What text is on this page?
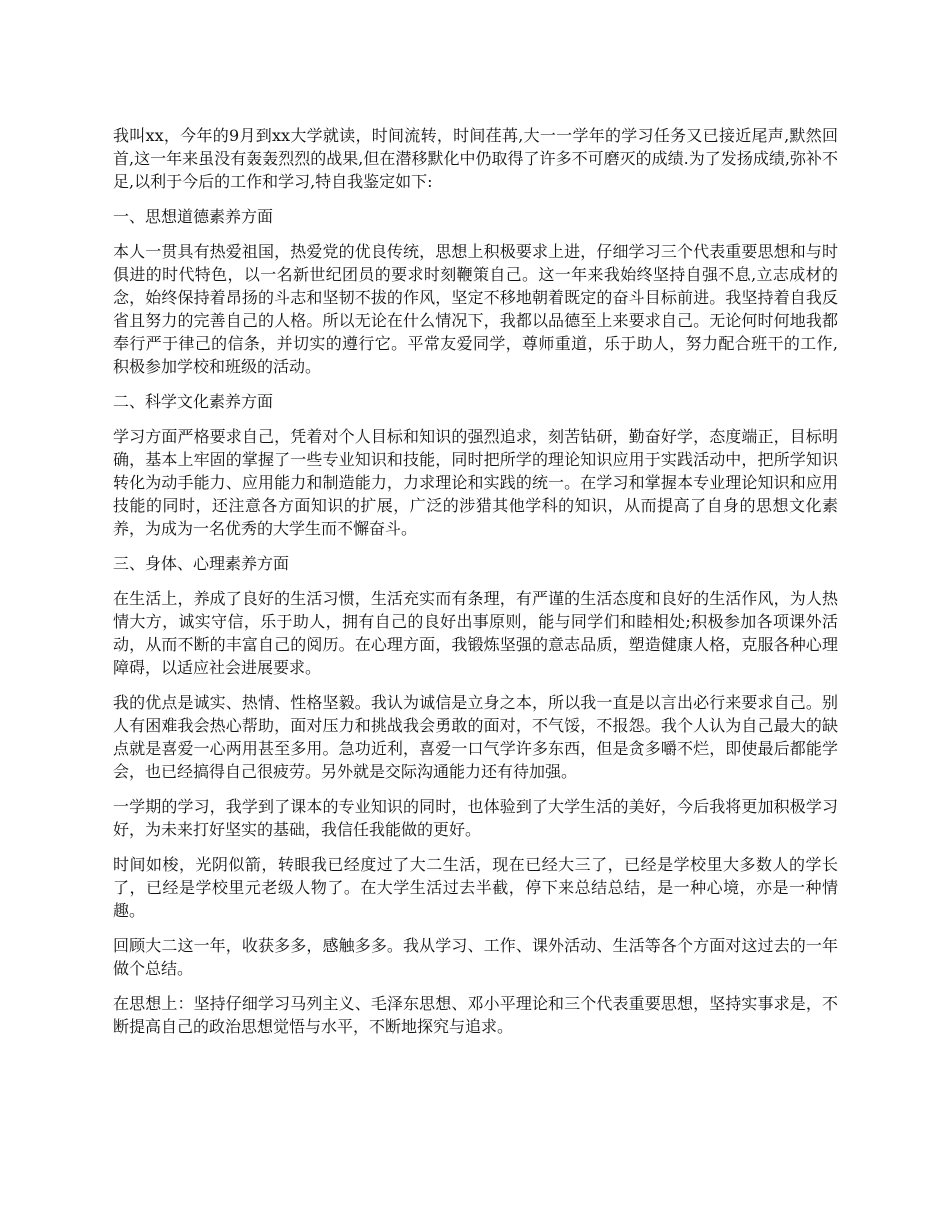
我叫xx，今年的9月到xx大学就读，时间流转，时间荏苒,大一一学年的学习任务又已接近尾声,默然回首,这一年来虽没有轰轰烈烈的战果,但在潜移默化中仍取得了许多不可磨灭的成绩.为了发扬成绩,弥补不足,以利于今后的工作和学习,特自我鉴定如下:

一、思想道德素养方面

本人一贯具有热爱祖国，热爱党的优良传统，思想上积极要求上进，仔细学习三个代表重要思想和与时俱进的时代特色，以一名新世纪团员的要求时刻鞭策自己。这一年来我始终坚持自强不息,立志成材的念，始终保持着昂扬的斗志和坚韧不拔的作风，坚定不移地朝着既定的奋斗目标前进。我坚持着自我反省且努力的完善自己的人格。所以无论在什么情况下，我都以品德至上来要求自己。无论何时何地我都奉行严于律己的信条，并切实的遵行它。平常友爱同学，尊师重道，乐于助人，努力配合班干的工作,积极参加学校和班级的活动。

二、科学文化素养方面

学习方面严格要求自己，凭着对个人目标和知识的强烈追求，刻苦钻研，勤奋好学，态度端正，目标明确，基本上牢固的掌握了一些专业知识和技能，同时把所学的理论知识应用于实践活动中，把所学知识转化为动手能力、应用能力和制造能力，力求理论和实践的统一。在学习和掌握本专业理论知识和应用技能的同时，还注意各方面知识的扩展，广泛的涉猎其他学科的知识，从而提高了自身的思想文化素养，为成为一名优秀的大学生而不懈奋斗。

三、身体、心理素养方面

在生活上，养成了良好的生活习惯，生活充实而有条理，有严谨的生活态度和良好的生活作风，为人热情大方，诚实守信，乐于助人，拥有自己的良好出事原则，能与同学们和睦相处;积极参加各项课外活动，从而不断的丰富自己的阅历。在心理方面，我锻炼坚强的意志品质，塑造健康人格，克服各种心理障碍，以适应社会进展要求。

我的优点是诚实、热情、性格坚毅。我认为诚信是立身之本，所以我一直是以言出必行来要求自己。别人有困难我会热心帮助，面对压力和挑战我会勇敢的面对，不气馁，不报怨。我个人认为自己最大的缺点就是喜爱一心两用甚至多用。急功近利，喜爱一口气学许多东西，但是贪多嚼不烂，即使最后都能学会，也已经搞得自己很疲劳。另外就是交际沟通能力还有待加强。

一学期的学习，我学到了课本的专业知识的同时，也体验到了大学生活的美好，今后我将更加积极学习好，为未来打好坚实的基础，我信任我能做的更好。

时间如梭，光阴似箭，转眼我已经度过了大二生活，现在已经大三了，已经是学校里大多数人的学长了，已经是学校里元老级人物了。在大学生活过去半截，停下来总结总结，是一种心境，亦是一种情趣。

回顾大二这一年，收获多多，感触多多。我从学习、工作、课外活动、生活等各个方面对这过去的一年做个总结。

在思想上：坚持仔细学习马列主义、毛泽东思想、邓小平理论和三个代表重要思想，坚持实事求是，不断提高自己的政治思想觉悟与水平，不断地探究与追求。
